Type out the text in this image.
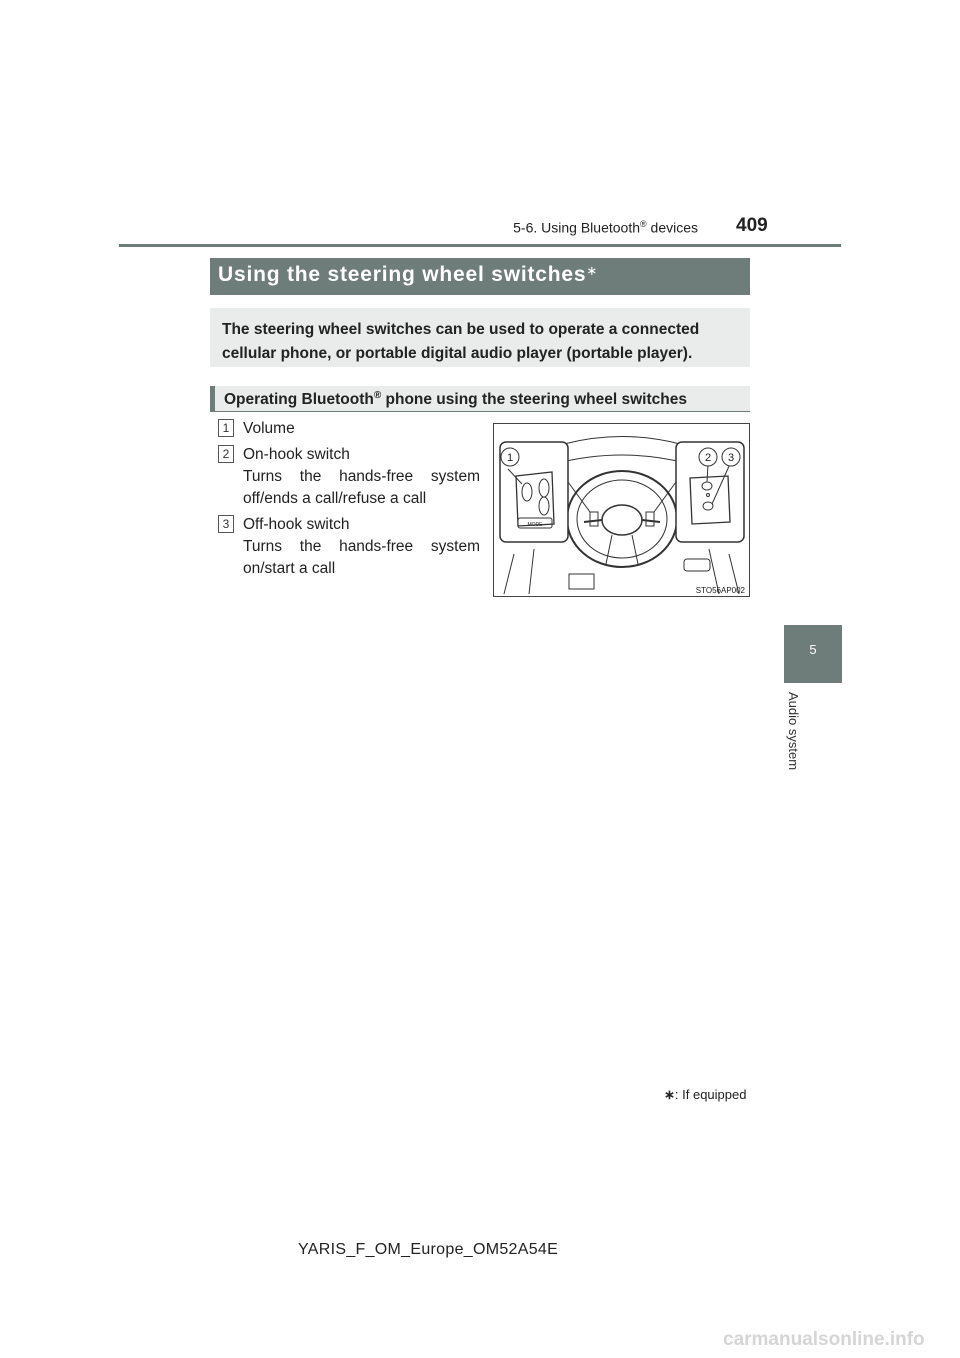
5-6. Using Bluetooth® devices 409
5
Audio system
Using the steering wheel switches∗
The steering wheel switches can be used to operate a connected cellular phone, or portable digital audio player (portable player).
Operating Bluetooth® phone using the steering wheel switches
1 Volume
2 On-hook switch
Turns the hands-free system off/ends a call/refuse a call
3 Off-hook switch
Turns the hands-free system on/start a call
1	2 3
MODE
STO56AP002
∗: If equipped
YARIS_F_OM_Europe_OM52A54E
carmanualsonline.info
